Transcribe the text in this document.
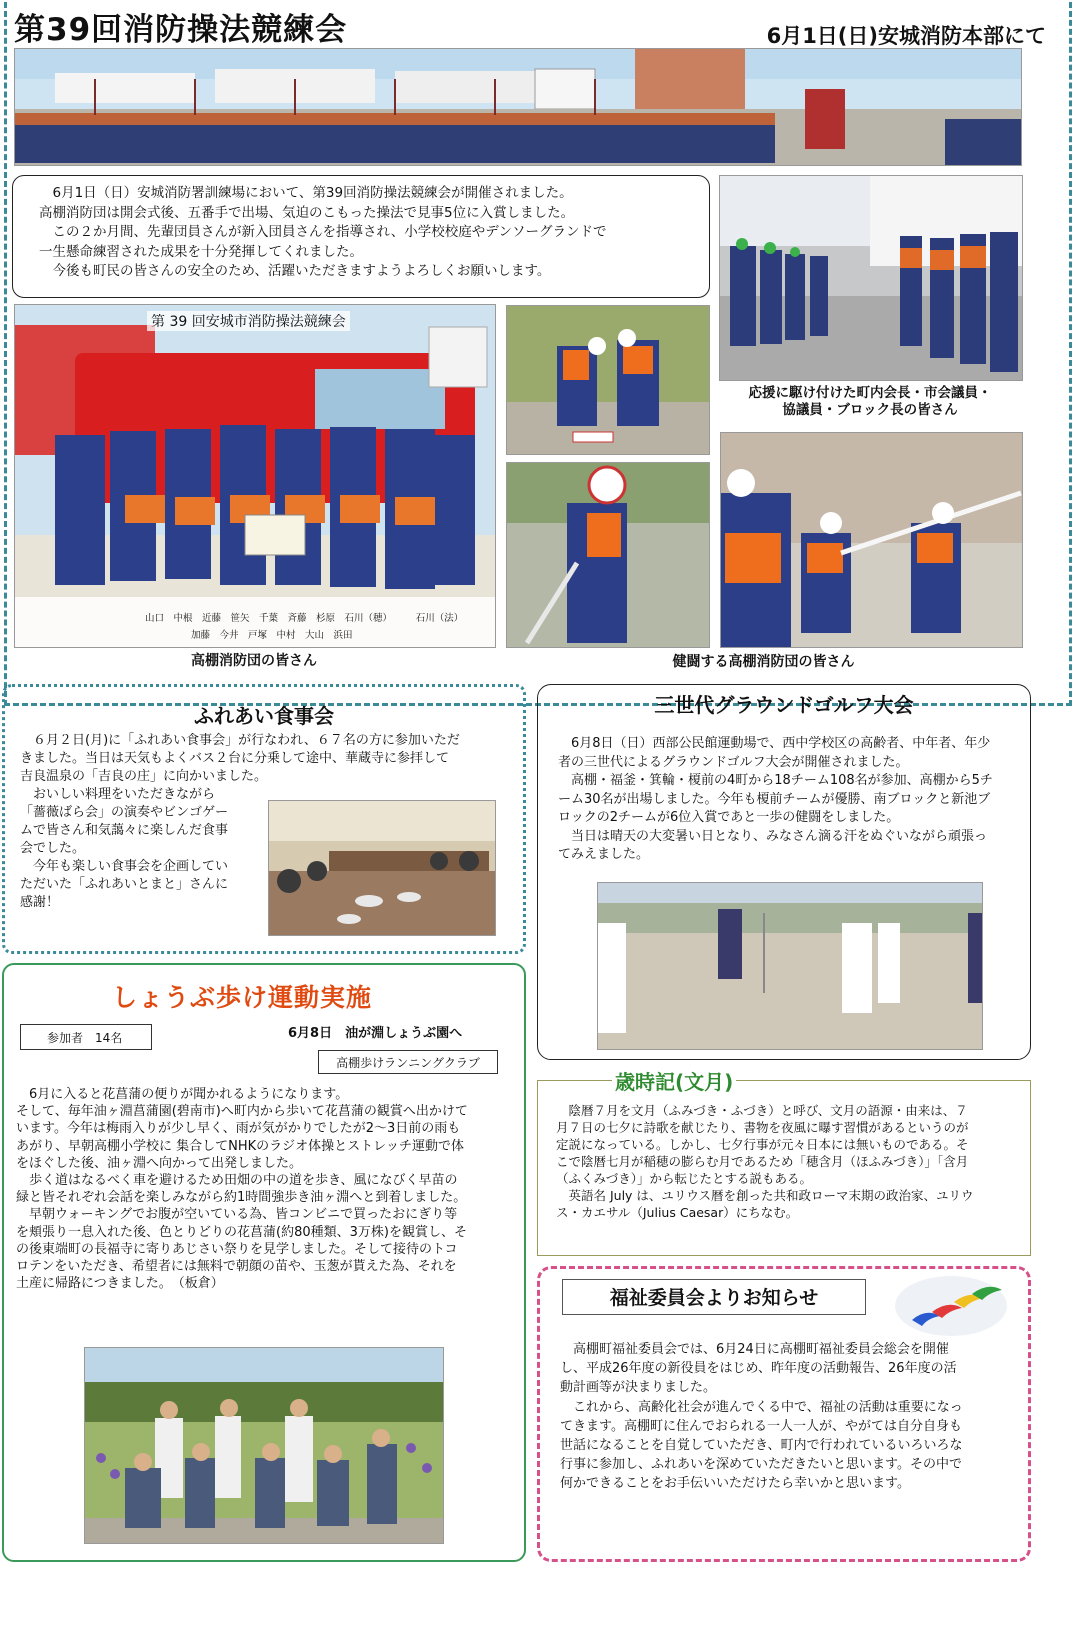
第39回消防操法競練会	6月1日(日)安城消防本部にて

6月1日（日）安城消防署訓練場において、第39回消防操法競練会が開催されました。

高棚消防団は開会式後、五番手で出場、気迫のこもった操法で見事5位に入賞しました。

この２か月間、先輩団員さんが新入団員さんを指導され、小学校校庭やデンソーグランドで

一生懸命練習された成果を十分発揮してくれました。

今後も町民の皆さんの安全のため、活躍いただきますようよろしくお願いします。

応援に駆け付けた町内会長・市会議員・
協議員・ブロック長の皆さん
第 39 回安城市消防操法競練会
山口　中根　近藤　笹矢　千葉　斉藤　杉原　石川（穂）　　　石川（法）
加藤　今井　戸塚　中村　大山　浜田
高棚消防団の皆さん	健闘する高棚消防団の皆さん
ふれあい食事会

６月２日(月)に「ふれあい食事会」が行なわれ、６７名の方に参加いただきました。当日は天気もよくバス２台に分乗して途中、華蔵寺に参拝して吉良温泉の「吉良の庄」に向かいました。

おいしい料理をいただきながら「薔薇ばら会」の演奏やビンゴゲームで皆さん和気藹々に楽しんだ食事会でした。

今年も楽しい食事会を企画していただいた「ふれあいとまと」さんに感謝！

三世代グラウンドゴルフ大会

6月8日（日）西部公民館運動場で、西中学校区の高齢者、中年者、年少者の三世代によるグラウンドゴルフ大会が開催されました。

高棚・福釜・箕輪・榎前の4町から18チーム108名が参加、高棚から5チーム30名が出場しました。今年も榎前チームが優勝、南ブロックと新池ブロックの2チームが6位入賞であと一歩の健闘をしました。

当日は晴天の大変暑い日となり、みなさん滴る汗をぬぐいながら頑張ってみえました。

しょうぶ歩け運動実施
参加者　14名	6月8日　油が淵しょうぶ園へ
高棚歩けランニングクラブ

6月に入ると花菖蒲の便りが聞かれるようになります。

そして、毎年油ヶ淵菖蒲園(碧南市)へ町内から歩いて花菖蒲の観賞へ出かけています。今年は梅雨入りが少し早く、雨が気がかりでしたが2～3日前の雨もあがり、早朝高棚小学校に 集合してNHKのラジオ体操とストレッチ運動で体をほぐした後、油ヶ淵へ向かって出発しました。

歩く道はなるべく車を避けるため田畑の中の道を歩き、風になびく早苗の緑と皆それぞれ会話を楽しみながら約1時間強歩き油ヶ淵へと到着しました。

早朝ウォーキングでお腹が空いている為、皆コンビニで買ったおにぎり等を頬張り一息入れた後、色とりどりの花菖蒲(約80種類、3万株)を観賞し、その後東端町の長福寺に寄りあじさい祭りを見学しました。そして接待のトコロテンをいただき、希望者には無料で朝顔の苗や、玉葱が貰えた為、それを土産に帰路につきました。　（板倉）

歳時記(文月)

陰暦７月を文月（ふみづき・ふづき）と呼び、文月の語源・由来は、７月７日の七夕に詩歌を献じたり、書物を夜風に曝す習慣があるというのが定説になっている。しかし、七夕行事が元々日本には無いものである。そこで陰暦七月が稲穂の膨らむ月であるため「穂含月（ほふみづき）」「含月（ふくみづき）」から転じたとする説もある。

英語名 July は、ユリウス暦を創った共和政ローマ末期の政治家、ユリウス・カエサル（Julius Caesar）にちなむ。

福祉委員会よりお知らせ

高棚町福祉委員会では、6月24日に高棚町福祉委員会総会を開催し、平成26年度の新役員をはじめ、昨年度の活動報告、26年度の活動計画等が決まりました。

これから、高齢化社会が進んでくる中で、福祉の活動は重要になってきます。高棚町に住んでおられる一人一人が、やがては自分自身も世話になることを自覚していただき、町内で行われているいろいろな行事に参加し、ふれあいを深めていただきたいと思います。その中で何かできることをお手伝いいただけたら幸いかと思います。
